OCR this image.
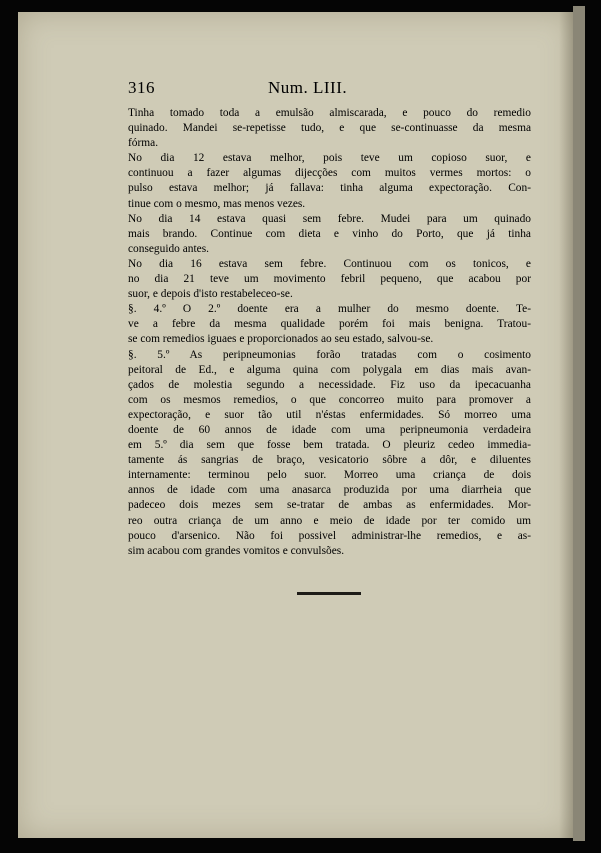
316	Num. LIII.
Tinha tomado toda a emulsão almiscarada, e pouco do remedio
quinado. Mandei se-repetisse tudo, e que se-continuasse da mesma
fórma.
No dia 12 estava melhor, pois teve um copioso suor, e
continuou a fazer algumas dijecções com muitos vermes mortos: o
pulso estava melhor; já fallava: tinha alguma expectoração. Con-
tinue com o mesmo, mas menos vezes.
No dia 14 estava quasi sem febre. Mudei para um quinado
mais brando. Continue com dieta e vinho do Porto, que já tinha
conseguido antes.
No dia 16 estava sem febre. Continuou com os tonicos, e
no dia 21 teve um movimento febril pequeno, que acabou por
suor, e depois d'isto restabeleceo-se.
§. 4.º O 2.º doente era a mulher do mesmo doente. Te-
ve a febre da mesma qualidade porém foi mais benigna. Tratou-
se com remedios iguaes e proporcionados ao seu estado, salvou-se.
§. 5.º As peripneumonias forão tratadas com o cosimento
peitoral de Ed., e alguma quina com polygala em dias mais avan-
çados de molestia segundo a necessidade. Fiz uso da ipecacuanha
com os mesmos remedios, o que concorreo muito para promover a
expectoração, e suor tão util n'éstas enfermidades. Só morreo uma
doente de 60 annos de idade com uma peripneumonia verdadeira
em 5.º dia sem que fosse bem tratada. O pleuriz cedeo immedia-
tamente ás sangrias de braço, vesicatorio sôbre a dôr, e diluentes
internamente: terminou pelo suor. Morreo uma criança de dois
annos de idade com uma anasarca produzida por uma diarrheia que
padeceo dois mezes sem se-tratar de ambas as enfermidades. Mor-
reo outra criança de um anno e meio de idade por ter comido um
pouco d'arsenico. Não foi possivel administrar-lhe remedios, e as-
sim acabou com grandes vomitos e convulsões.
